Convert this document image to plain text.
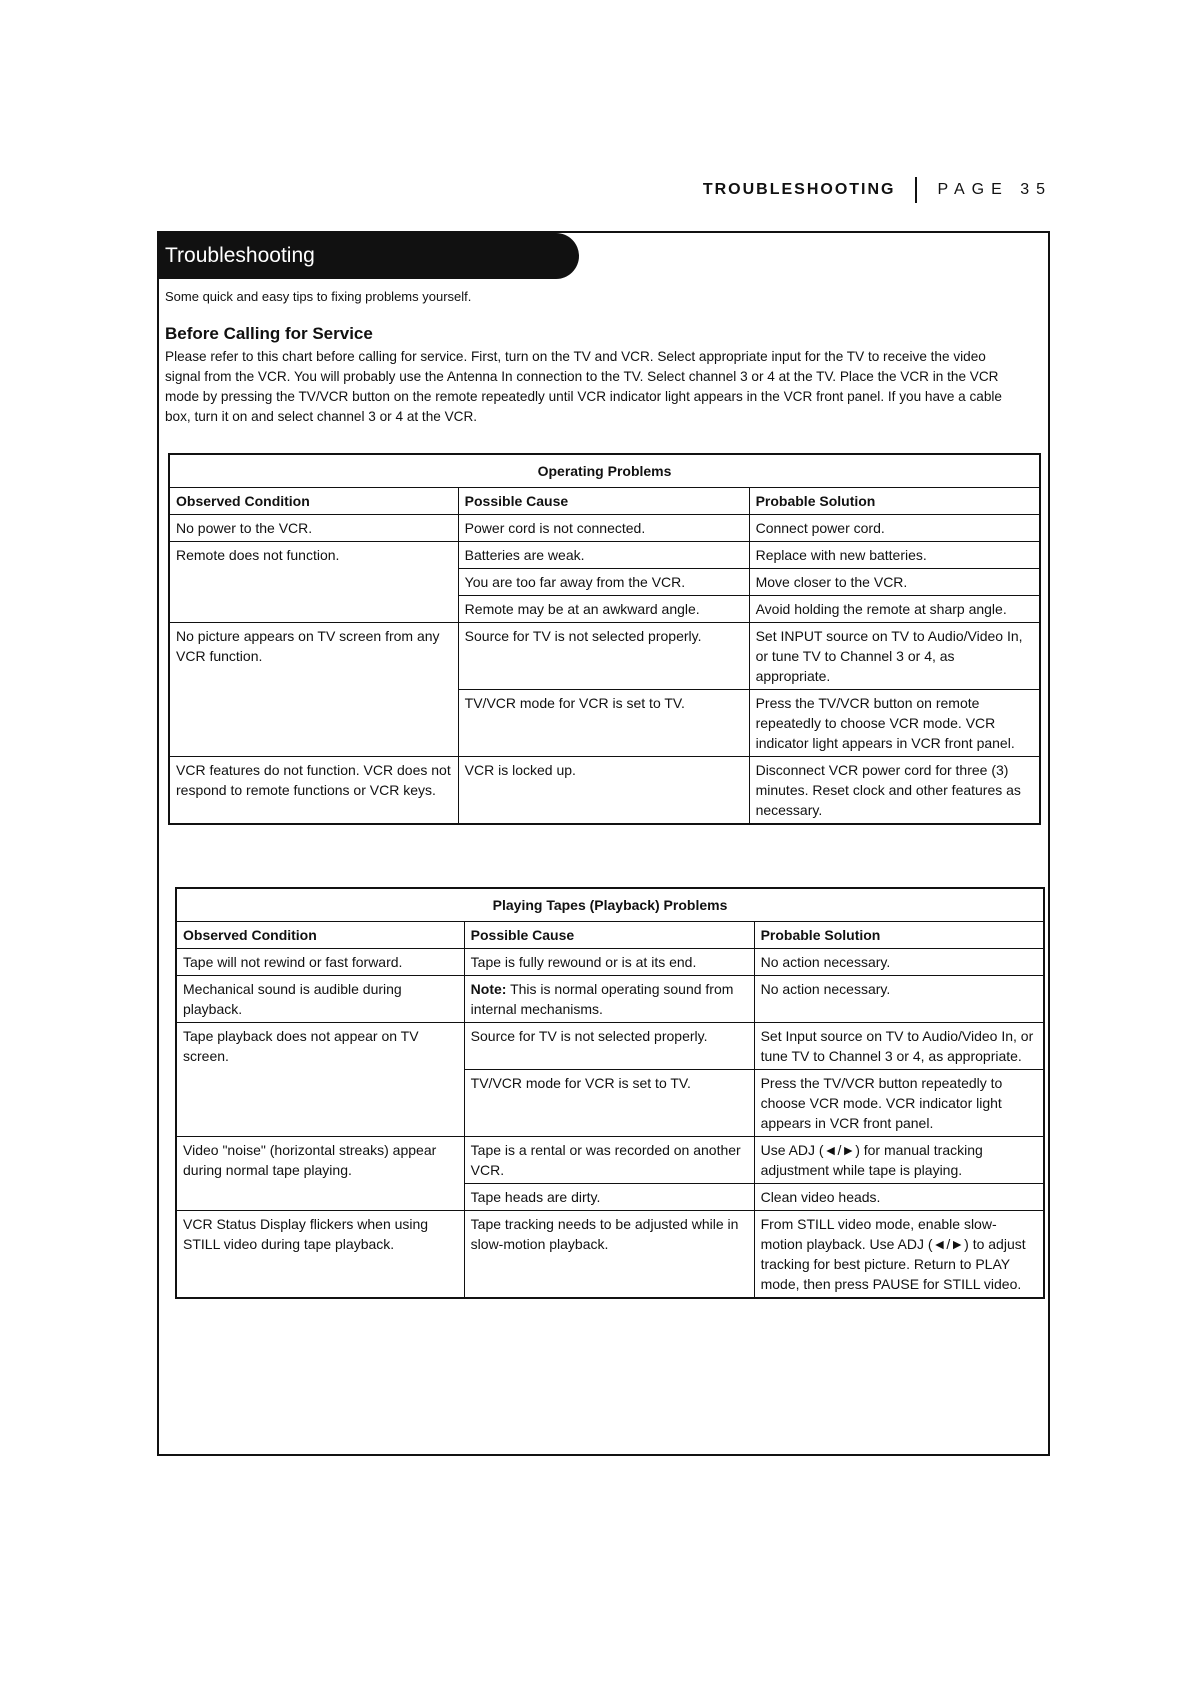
TROUBLESHOOTING	PAGE 35
Troubleshooting
Some quick and easy tips to fixing problems yourself.
Before Calling for Service
Please refer to this chart before calling for service. First, turn on the TV and VCR. Select appropriate input for the TV to receive the video signal from the VCR. You will probably use the Antenna In connection to the TV. Select channel 3 or 4 at the TV. Place the VCR in the VCR mode by pressing the TV/VCR button on the remote repeatedly until VCR indicator light appears in the VCR front panel. If you have a cable box, turn it on and select channel 3 or 4 at the VCR.
Operating Problems		
Observed Condition	Possible Cause	Probable Solution
No power to the VCR.	Power cord is not connected.	Connect power cord.
Remote does not function.	Batteries are weak.	Replace with new batteries.
	You are too far away from the VCR.	Move closer to the VCR.
	Remote may be at an awkward angle.	Avoid holding the remote at sharp angle.
No picture appears on TV screen from any VCR function.	Source for TV is not selected properly.	Set INPUT source on TV to Audio/Video In, or tune TV to Channel 3 or 4, as appropriate.
	TV/VCR mode for VCR is set to TV.	Press the TV/VCR button on remote repeatedly to choose VCR mode. VCR indicator light appears in VCR front panel.
VCR features do not function. VCR does not respond to remote functions or VCR keys.	VCR is locked up.	Disconnect VCR power cord for three (3) minutes. Reset clock and other features as necessary.
Playing Tapes (Playback) Problems		
Observed Condition	Possible Cause	Probable Solution
Tape will not rewind or fast forward.	Tape is fully rewound or is at its end.	No action necessary.
Mechanical sound is audible during playback.	Note: This is normal operating sound from internal mechanisms.	No action necessary.
Tape playback does not appear on TV screen.	Source for TV is not selected properly.	Set Input source on TV to Audio/Video In, or tune TV to Channel 3 or 4, as appropriate.
	TV/VCR mode for VCR is set to TV.	Press the TV/VCR button repeatedly to choose VCR mode. VCR indicator light appears in VCR front panel.
Video "noise" (horizontal streaks) appear during normal tape playing.	Tape is a rental or was recorded on another VCR.	Use ADJ (◄/►) for manual tracking adjustment while tape is playing.
	Tape heads are dirty.	Clean video heads.
VCR Status Display flickers when using STILL video during tape playback.	Tape tracking needs to be adjusted while in slow-motion playback.	From STILL video mode, enable slow-motion playback. Use ADJ (◄/►) to adjust tracking for best picture. Return to PLAY mode, then press PAUSE for STILL video.
